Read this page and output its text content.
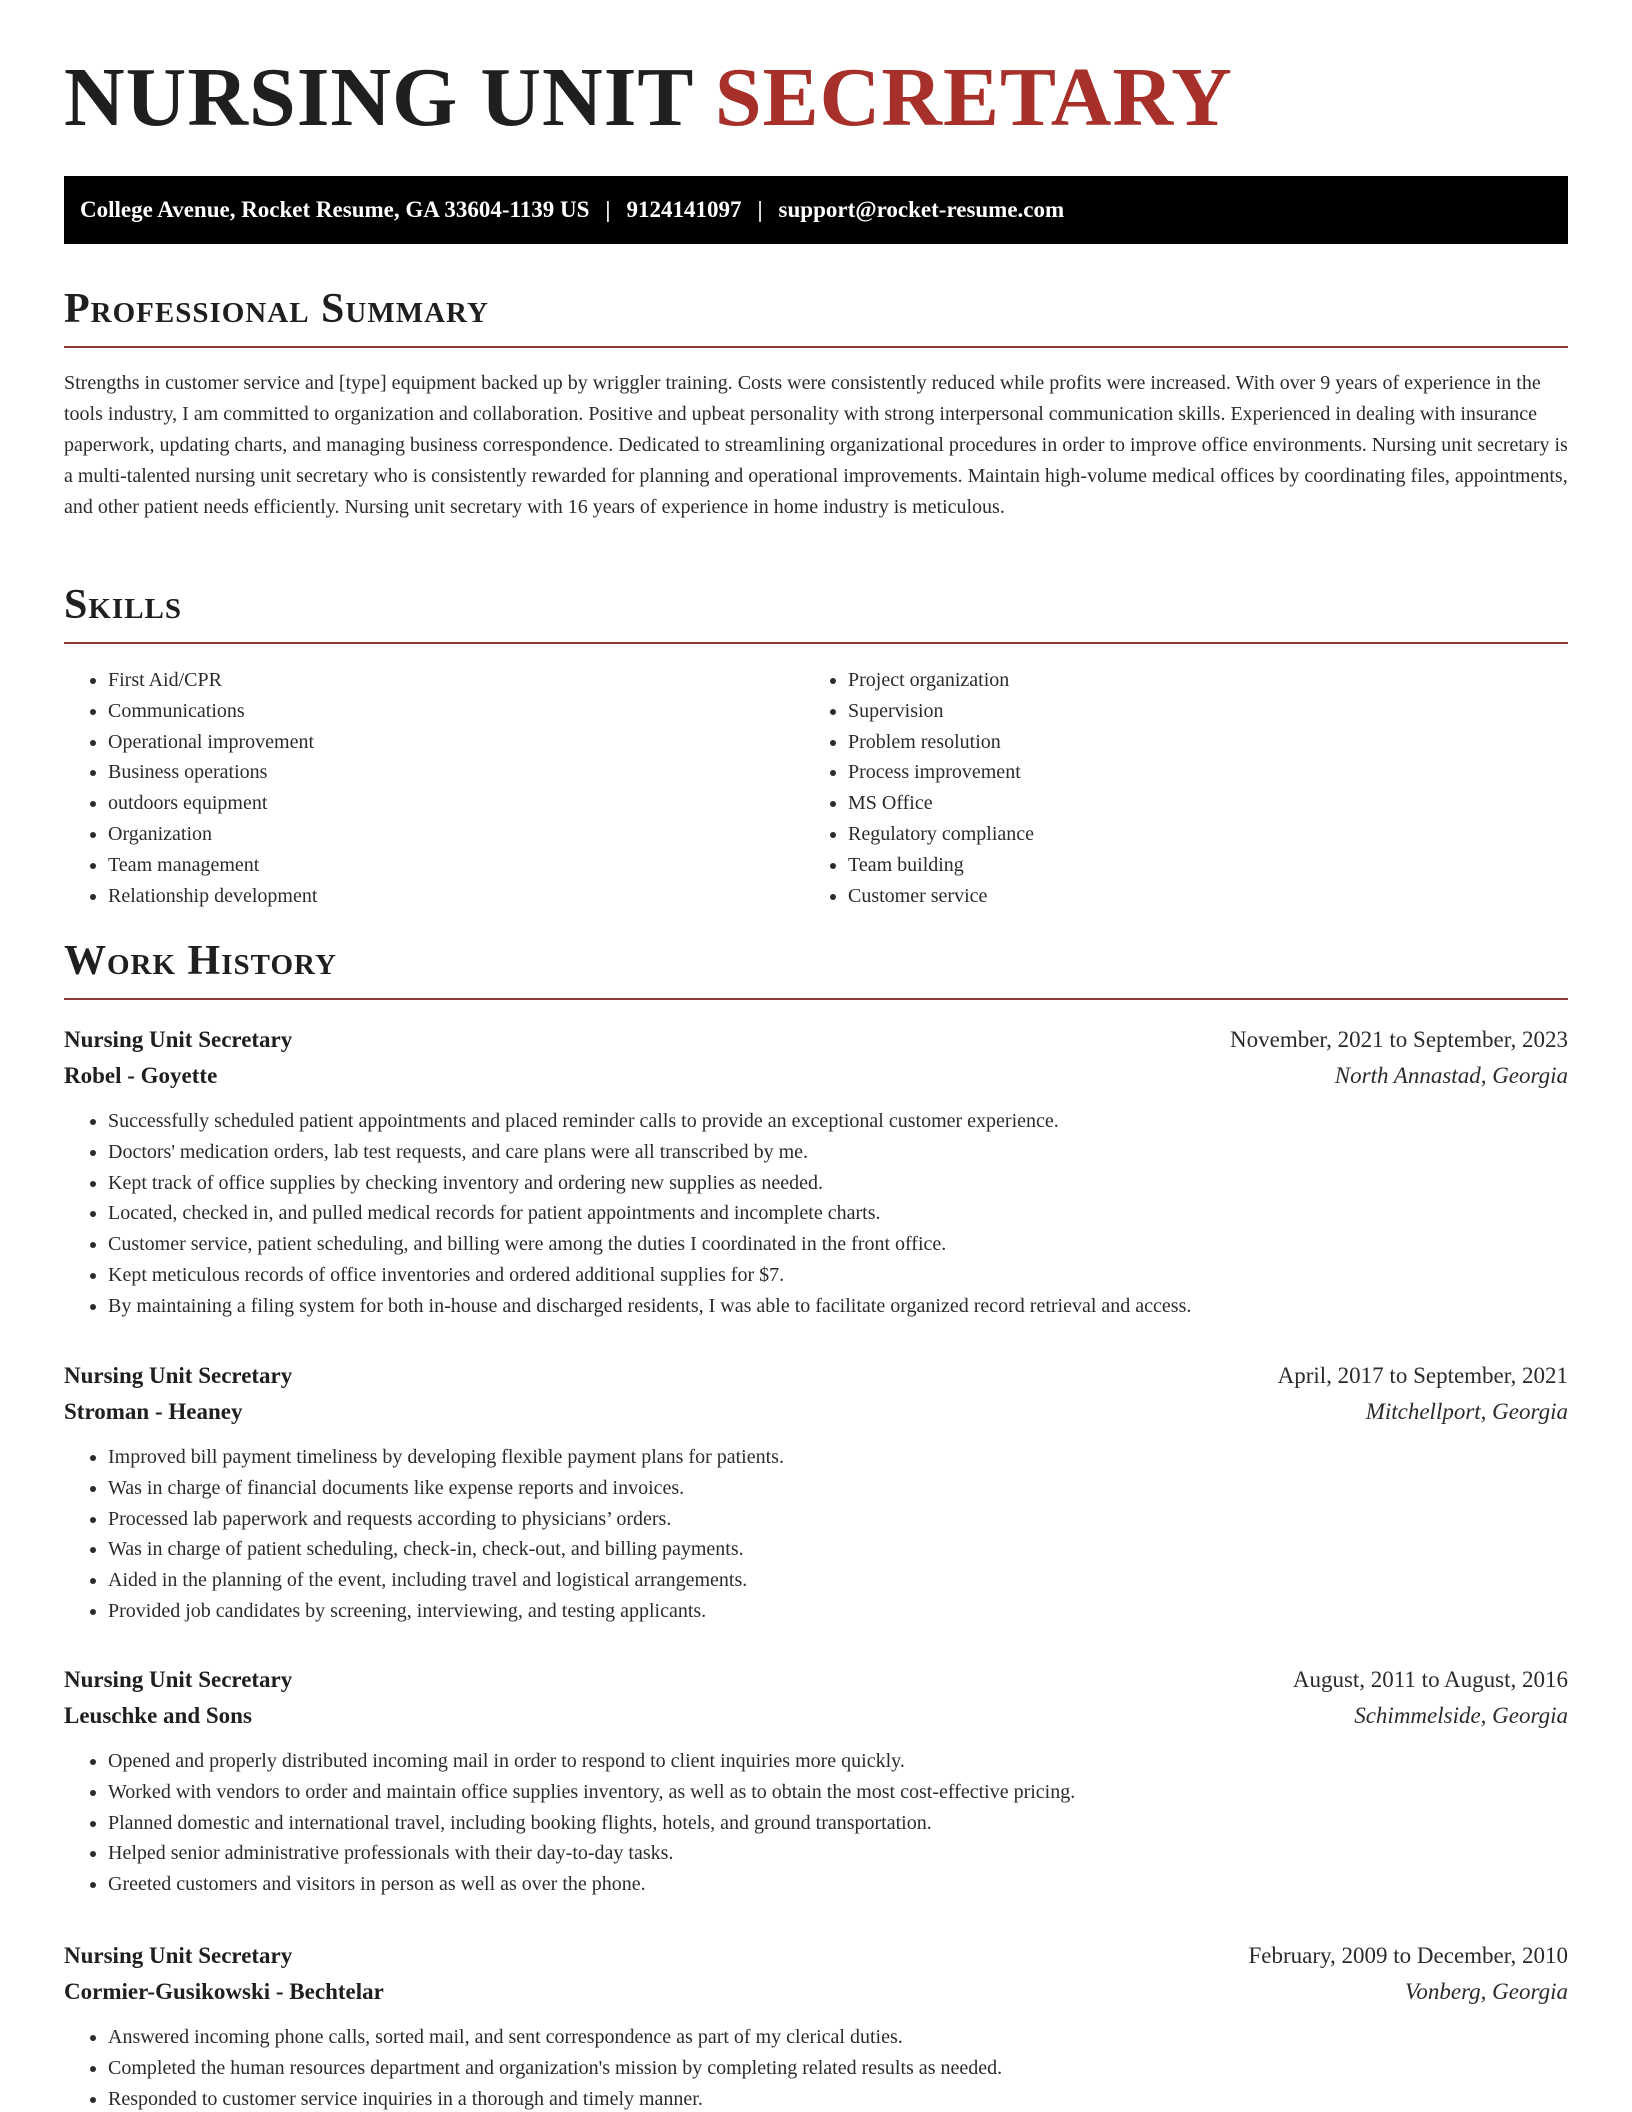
NURSING UNIT SECRETARY
College Avenue, Rocket Resume, GA 33604-1139 US | 9124141097 | support@rocket-resume.com
Professional Summary

Strengths in customer service and [type] equipment backed up by wriggler training. Costs were consistently reduced while profits were increased. With over 9 years of experience in the tools industry, I am committed to organization and collaboration. Positive and upbeat personality with strong interpersonal communication skills. Experienced in dealing with insurance paperwork, updating charts, and managing business correspondence. Dedicated to streamlining organizational procedures in order to improve office environments. Nursing unit secretary is a multi-talented nursing unit secretary who is consistently rewarded for planning and operational improvements. Maintain high-volume medical offices by coordinating files, appointments, and other patient needs efficiently. Nursing unit secretary with 16 years of experience in home industry is meticulous.

Skills
• First Aid/CPR
• Communications
• Operational improvement
• Business operations
• outdoors equipment
• Organization
• Team management
• Relationship development
• Project organization
• Supervision
• Problem resolution
• Process improvement
• MS Office
• Regulatory compliance
• Team building
• Customer service
Work History
Nursing Unit Secretary	November, 2021 to September, 2023
Robel - Goyette	North Annastad, Georgia
• Successfully scheduled patient appointments and placed reminder calls to provide an exceptional customer experience.
• Doctors' medication orders, lab test requests, and care plans were all transcribed by me.
• Kept track of office supplies by checking inventory and ordering new supplies as needed.
• Located, checked in, and pulled medical records for patient appointments and incomplete charts.
• Customer service, patient scheduling, and billing were among the duties I coordinated in the front office.
• Kept meticulous records of office inventories and ordered additional supplies for $7.
• By maintaining a filing system for both in-house and discharged residents, I was able to facilitate organized record retrieval and access.
Nursing Unit Secretary	April, 2017 to September, 2021
Stroman - Heaney	Mitchellport, Georgia
• Improved bill payment timeliness by developing flexible payment plans for patients.
• Was in charge of financial documents like expense reports and invoices.
• Processed lab paperwork and requests according to physicians’ orders.
• Was in charge of patient scheduling, check-in, check-out, and billing payments.
• Aided in the planning of the event, including travel and logistical arrangements.
• Provided job candidates by screening, interviewing, and testing applicants.
Nursing Unit Secretary	August, 2011 to August, 2016
Leuschke and Sons	Schimmelside, Georgia
• Opened and properly distributed incoming mail in order to respond to client inquiries more quickly.
• Worked with vendors to order and maintain office supplies inventory, as well as to obtain the most cost-effective pricing.
• Planned domestic and international travel, including booking flights, hotels, and ground transportation.
• Helped senior administrative professionals with their day-to-day tasks.
• Greeted customers and visitors in person as well as over the phone.
Nursing Unit Secretary	February, 2009 to December, 2010
Cormier-Gusikowski - Bechtelar	Vonberg, Georgia
• Answered incoming phone calls, sorted mail, and sent correspondence as part of my clerical duties.
• Completed the human resources department and organization's mission by completing related results as needed.
• Responded to customer service inquiries in a thorough and timely manner.
